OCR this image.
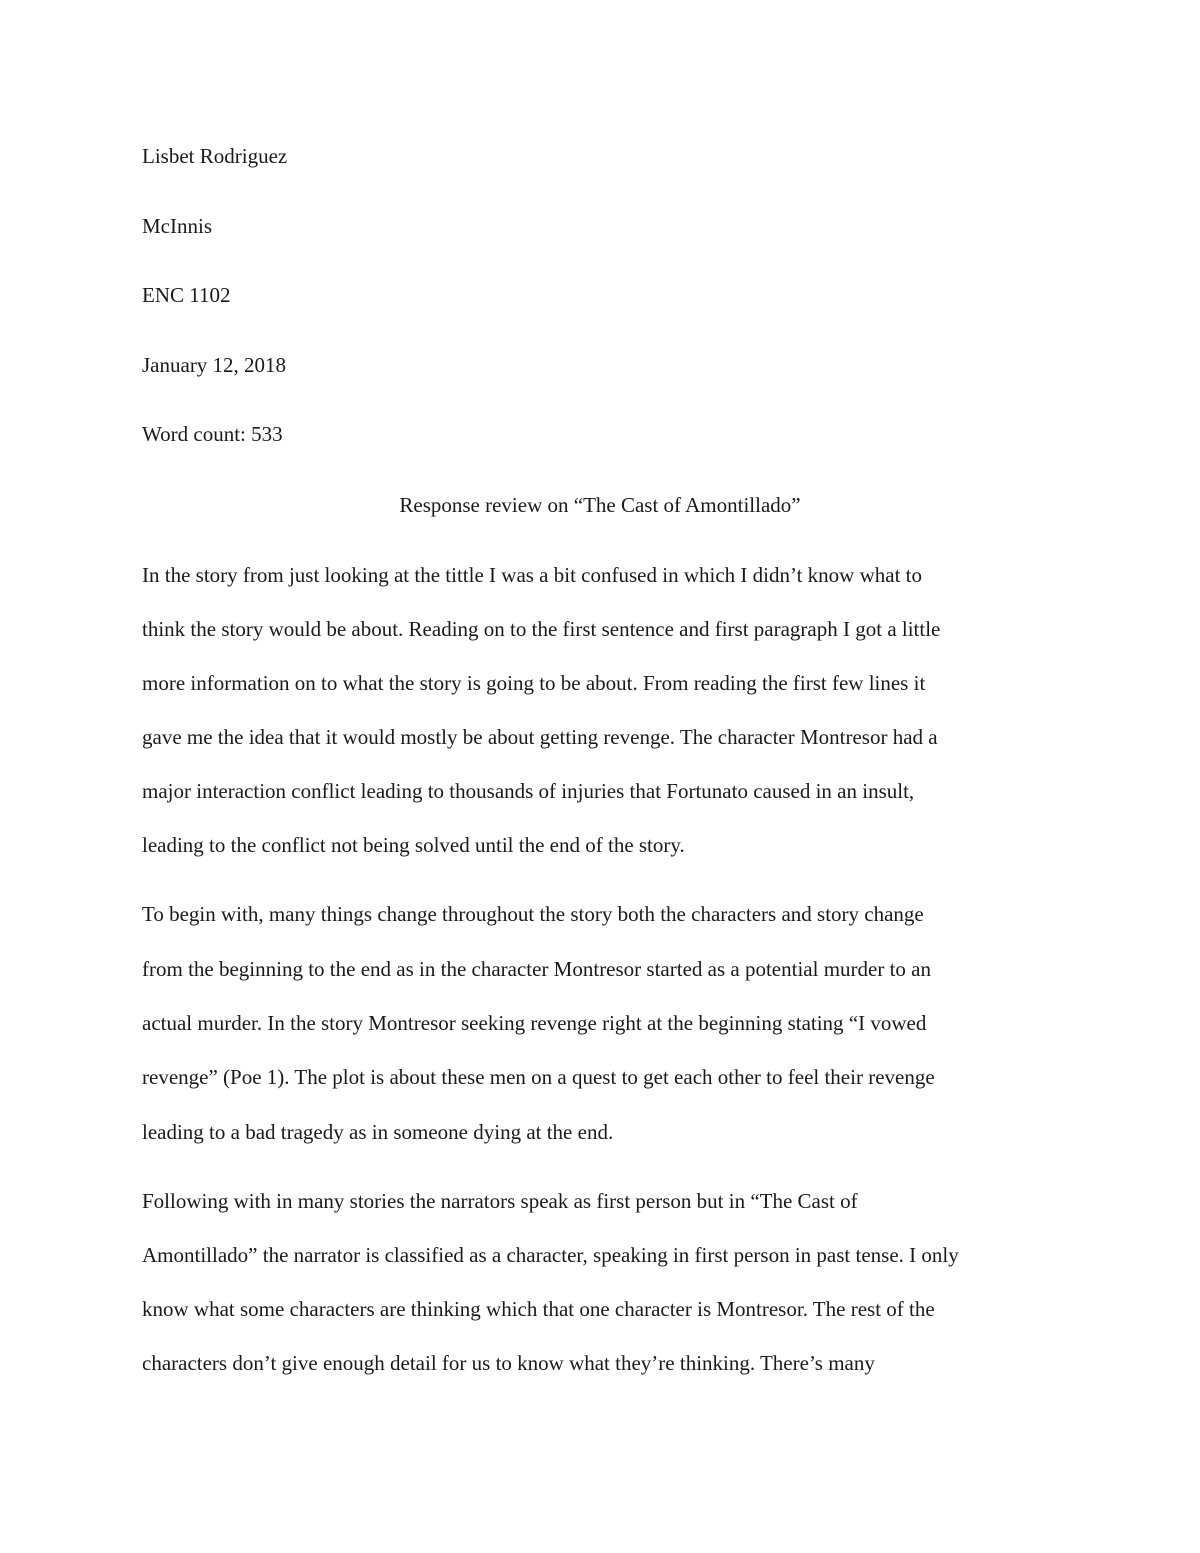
Lisbet Rodriguez
McInnis
ENC 1102
January 12, 2018
Word count: 533
Response review on “The Cast of Amontillado”
In the story from just looking at the tittle I was a bit confused in which I didn’t know what to
think the story would be about. Reading on to the first sentence and first paragraph I got a little
more information on to what the story is going to be about. From reading the first few lines it
gave me the idea that it would mostly be about getting revenge. The character Montresor had a
major interaction conflict leading to thousands of injuries that Fortunato caused in an insult,
leading to the conflict not being solved until the end of the story.
To begin with, many things change throughout the story both the characters and story change
from the beginning to the end as in the character Montresor started as a potential murder to an
actual murder. In the story Montresor seeking revenge right at the beginning stating “I vowed
revenge” (Poe 1). The plot is about these men on a quest to get each other to feel their revenge
leading to a bad tragedy as in someone dying at the end.
Following with in many stories the narrators speak as first person but in “The Cast of
Amontillado” the narrator is classified as a character, speaking in first person in past tense. I only
know what some characters are thinking which that one character is Montresor. The rest of the
characters don’t give enough detail for us to know what they’re thinking. There’s many
